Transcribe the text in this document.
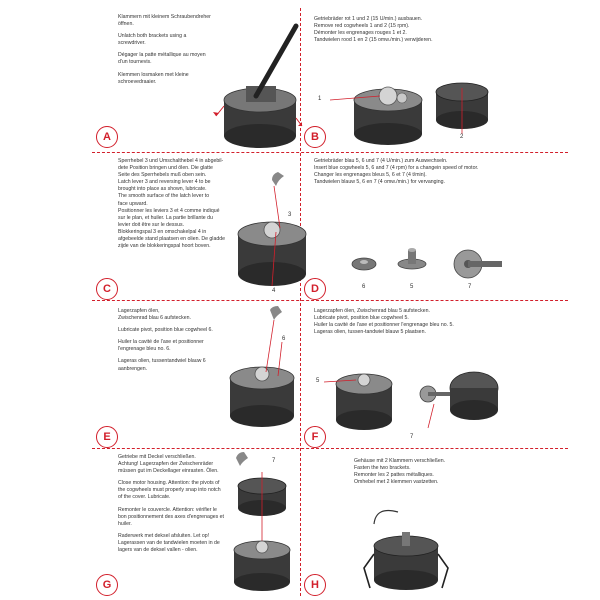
Klammern mit kleinem Schraubendreher
öffnen.

Unlatch both brackets using a
screwdriver.

Dégager la patte métallique au moyen
d'un tournevis.

Klemmen losmaken met kleine
schroevedraaier.

A

Getriebräder rot 1 und 2 (15 U/min.) ausbauen.
Remove red cogwheels 1 and 2 (15 rpm).
Démonter les engrenages rouges 1 et 2.
Tandwielen rood 1 en 2 (15 omw./min.) verwijderen.

1
2
B

Sperrhebel 3 und Umschalthebel 4 in abgebil-
dete Position bringen und ölen. Die glatte
Seite des Sperrhebels muß oben sein.
Latch lever 3 and reversing lever 4 to be
brought into place as shown, lubricate.
The smooth surface of the latch lever to
face upward.
Positionner les leviers 3 et 4 comme indiqué
sur le plan, et huiler. La partie brillante du
levier doit être sur le dessus.
Blokkeringspal 3 en omschakelpal 4 in
afgebeelde stand plaatsen en olien. De gladde
zijde van de blokkeringspal hoort boven.

3
4
C

Getriebräder blau 5, 6 und 7 (4 U/min.) zum Auswechseln.
Insert blue cogwheels 5, 6 and 7 (4 rpm) for a changein speed of motor.
Changer les engrenages bleus 5, 6 et 7 (4 t/min).
Tandwielen blauw 5, 6 en 7 (4 omw./min.) for vervanging.

6	5	7
D

Lagerzapfen ölen,
Zwischenrad blau 6 aufstecken.

Lubricate pivot, position blue cogwheel 6.

Huiler la cavité de l'axe et positionner
l'engrenage bleu no. 6.

Lageras olien, tussentandwiel blauw 6
aanbrengen.

6
E

Lagerzapfen ölen, Zwischenrad blau 5 aufstecken.
Lubricate pivot, position blue cogwheel 5.
Huiler la cavité de l'axe et positionner l'engrenage bleu no. 5.
Lageras olien, tussen-tandwiel blauw 5 plaatsen.

5
7
F

Getriebe mit Deckel verschließen.
Achtung! Lagerzapfen der Zwischenräder
müssen gut im Deckellager einrasten. Ölen.

Close motor housing. Attention: the pivots of
the cogwheels must properly snap into notch
of the cover. Lubricate.

Remonter le couvercle. Attention: vérifier le
bon positionnement des axes d'engrenages et
huiler.

Raderwerk met deksel afsluiten. Let op!
Lagerassen van de tandwielen moeten in de
lagers van de deksel vallen - olien.

7
G

Gehäuse mit 2 Klammern verschließen.
Fasten the two brackets.
Remonter les 2 pattes métalliques.
Omhebel met 2 klemmen vastzetten.

H
